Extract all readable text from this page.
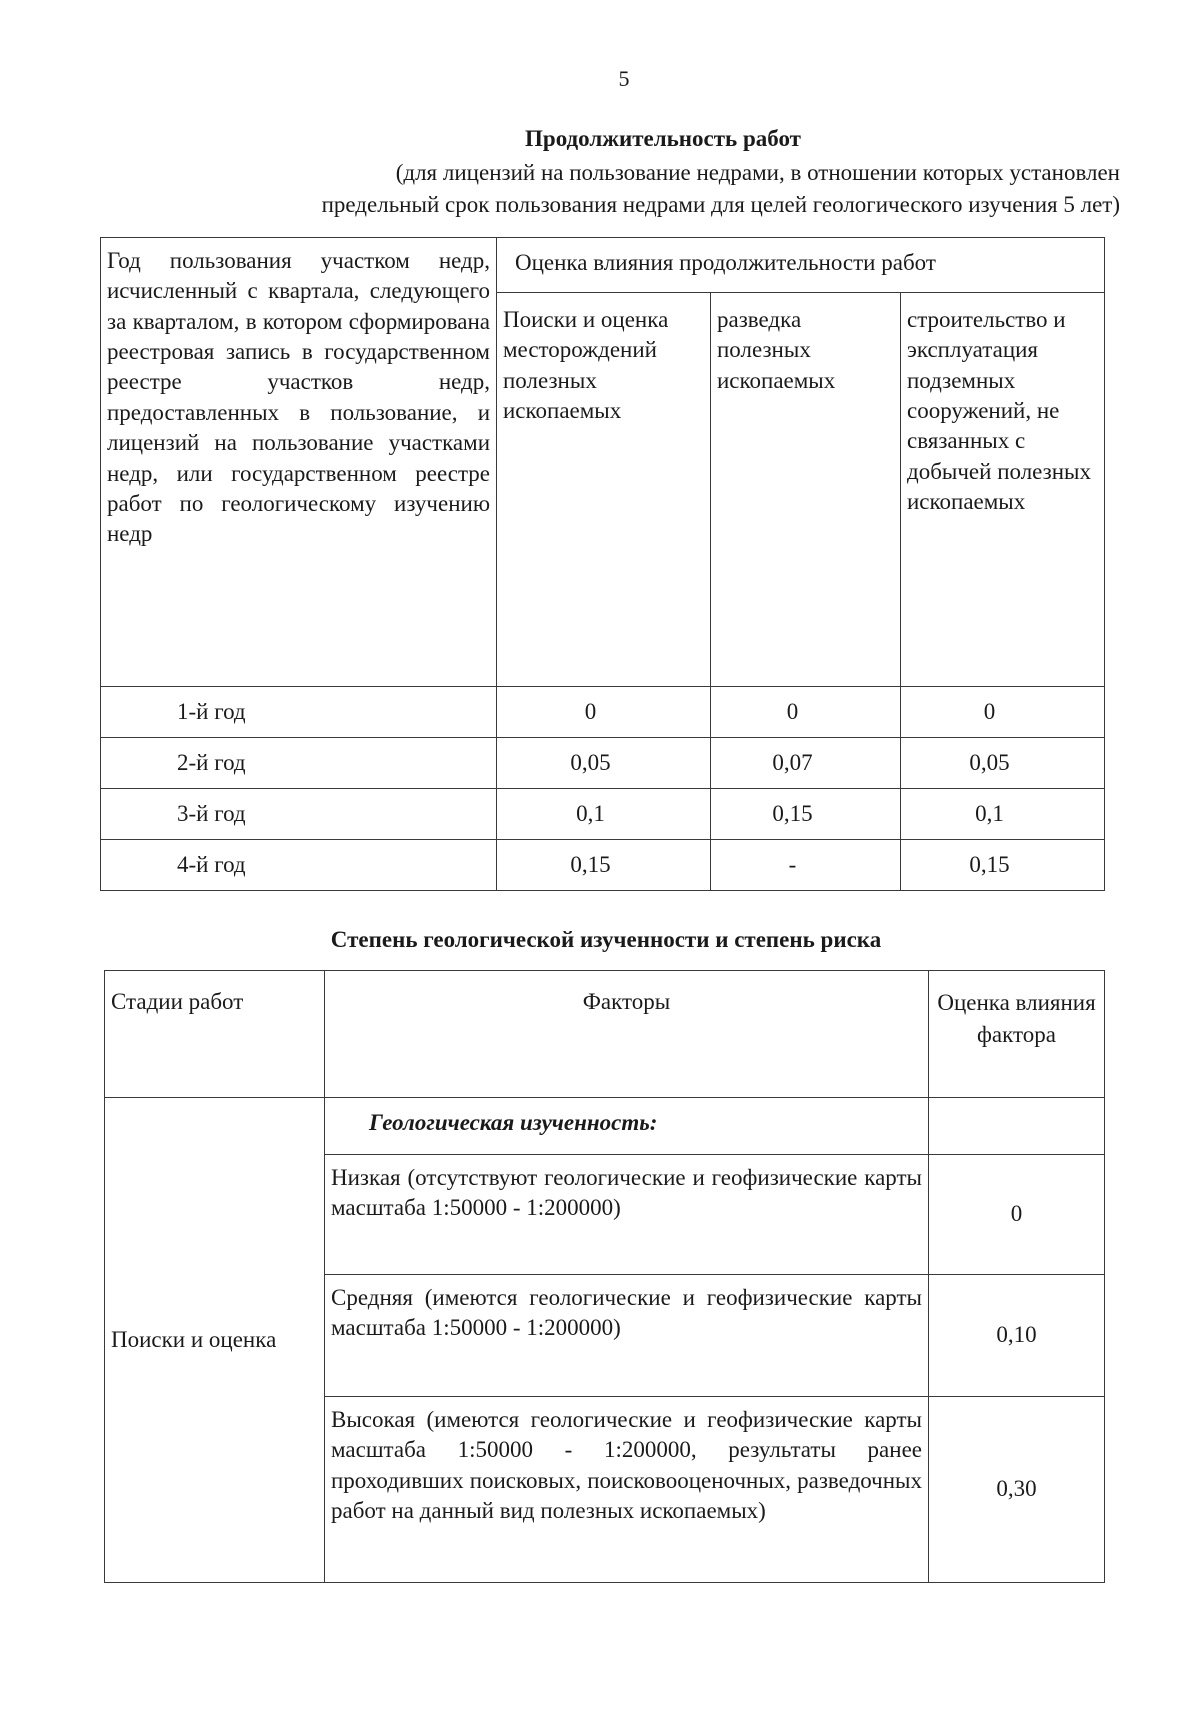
5
Продолжительность работ
(для лицензий на пользование недрами, в отношении которых установлен
предельный срок пользования недрами для целей геологического изучения 5 лет)
Год пользования участком недр, исчисленный с квартала, следующего за кварталом, в котором сформирована реестровая запись в государственном реестре участков недр, предоставленных в пользование, и лицензий на пользование участками недр, или государственном реестре работ по геологическому изучению недр	Оценка влияния продолжительности работ		
	Поиски и оценка месторождений полезных ископаемых	разведка полезных ископаемых	строительство и эксплуатация подземных сооружений, не связанных с добычей полезных ископаемых
1-й год	0	0	0
2-й год	0,05	0,07	0,05
3-й год	0,1	0,15	0,1
4-й год	0,15	-	0,15
Степень геологической изученности и степень риска
Стадии работ	Факторы	Оценка влияния фактора
Поиски и оценка	Геологическая изученность:	
	Низкая (отсутствуют геологические и геофизические карты масштаба 1:50000 - 1:200000)	0
	Средняя (имеются геологические и геофизические карты масштаба 1:50000 - 1:200000)	0,10
	Высокая (имеются геологические и геофизические карты масштаба 1:50000 - 1:200000, результаты ранее проходивших поисковых, поисковооценочных, разведочных работ на данный вид полезных ископаемых)	0,30
